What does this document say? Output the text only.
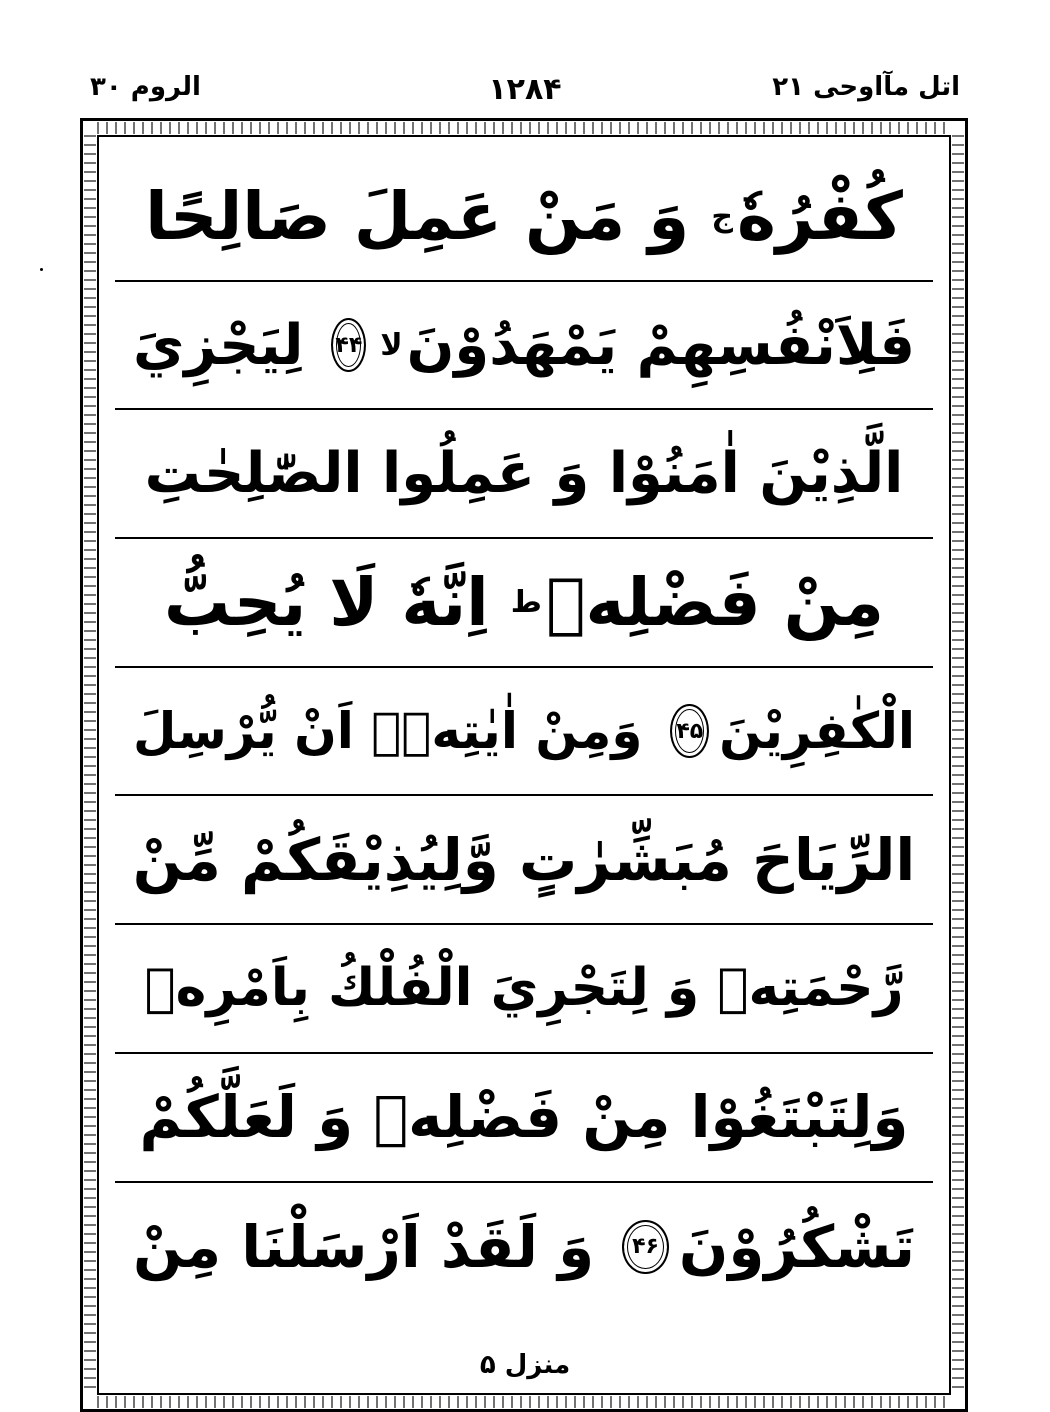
اتل مآاوحی ۲۱
۱۲۸۴
الروم ۳۰
كُفْرُهٗ
ج
وَ مَنْ عَمِلَ صَالِحًا
فَلِاَنْفُسِهِمْ يَمْهَدُوْنَ
لا
۴۴
لِيَجْزِيَ
الَّذِيْنَ اٰمَنُوْا وَ عَمِلُوا الصّٰلِحٰتِ
مِنْ فَضْلِهٖ
ط
اِنَّهٗ لَا يُحِبُّ
الْكٰفِرِيْنَ
۴۵
وَمِنْ اٰيٰتِهٖۤ اَنْ يُّرْسِلَ
الرِّيَاحَ مُبَشِّرٰتٍ وَّلِيُذِيْقَكُمْ مِّنْ
رَّحْمَتِهٖ وَ لِتَجْرِيَ الْفُلْكُ بِاَمْرِهٖ
وَلِتَبْتَغُوْا مِنْ فَضْلِهٖ وَ لَعَلَّكُمْ
تَشْكُرُوْنَ
۴۶
وَ لَقَدْ اَرْسَلْنَا مِنْ
منزل ۵
